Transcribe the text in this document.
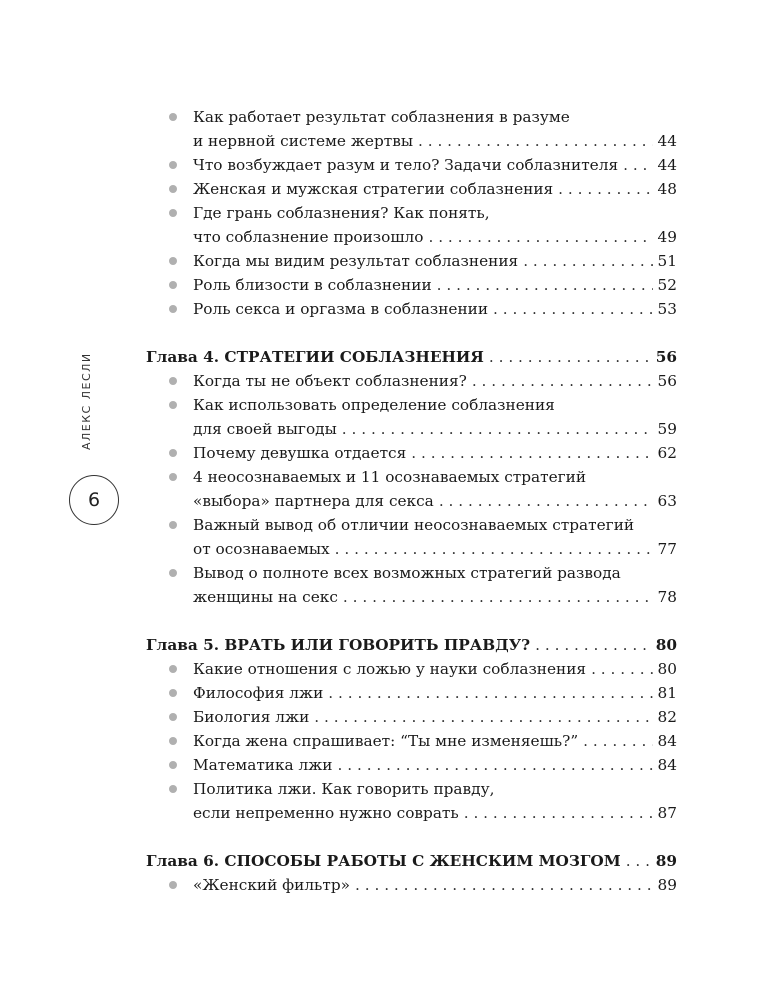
АЛЕКС ЛЕСЛИ
6
Как работает результат соблазнения в разуме
и нервной системе жертвы . . .	44
Что возбуждает разум и тело? Задачи соблазнителя . . .	44
Женская и мужская стратегии соблазнения . . .	48
Где грань соблазнения? Как понять,
что соблазнение произошло . . .	49
Когда мы видим результат соблазнения . . .	51
Роль близости в соблазнении . . .	52
Роль секса и оргазма в соблазнении . . .	53
Глава 4. СТРАТЕГИИ СОБЛАЗНЕНИЯ . . .	56
Когда ты не объект соблазнения? . . .	56
Как использовать определение соблазнения
для своей выгоды . . .	59
Почему девушка отдается . . .	62
4 неосознаваемых и 11 осознаваемых стратегий
«выбора» партнера для секса . . .	63
Важный вывод об отличии неосознаваемых стратегий
от осознаваемых . . .	77
Вывод о полноте всех возможных стратегий развода
женщины на секс . . .	78
Глава 5. ВРАТЬ ИЛИ ГОВОРИТЬ ПРАВДУ? . . .	80
Какие отношения с ложью у науки соблазнения . . .	80
Философия лжи . . .	81
Биология лжи . . .	82
Когда жена спрашивает: “Ты мне изменяешь?” . . .	84
Математика лжи . . .	84
Политика лжи. Как говорить правду,
если непременно нужно соврать . . .	87
Глава 6. СПОСОБЫ РАБОТЫ С ЖЕНСКИМ МОЗГОМ . . . 89
«Женский фильтр» . . .	89
